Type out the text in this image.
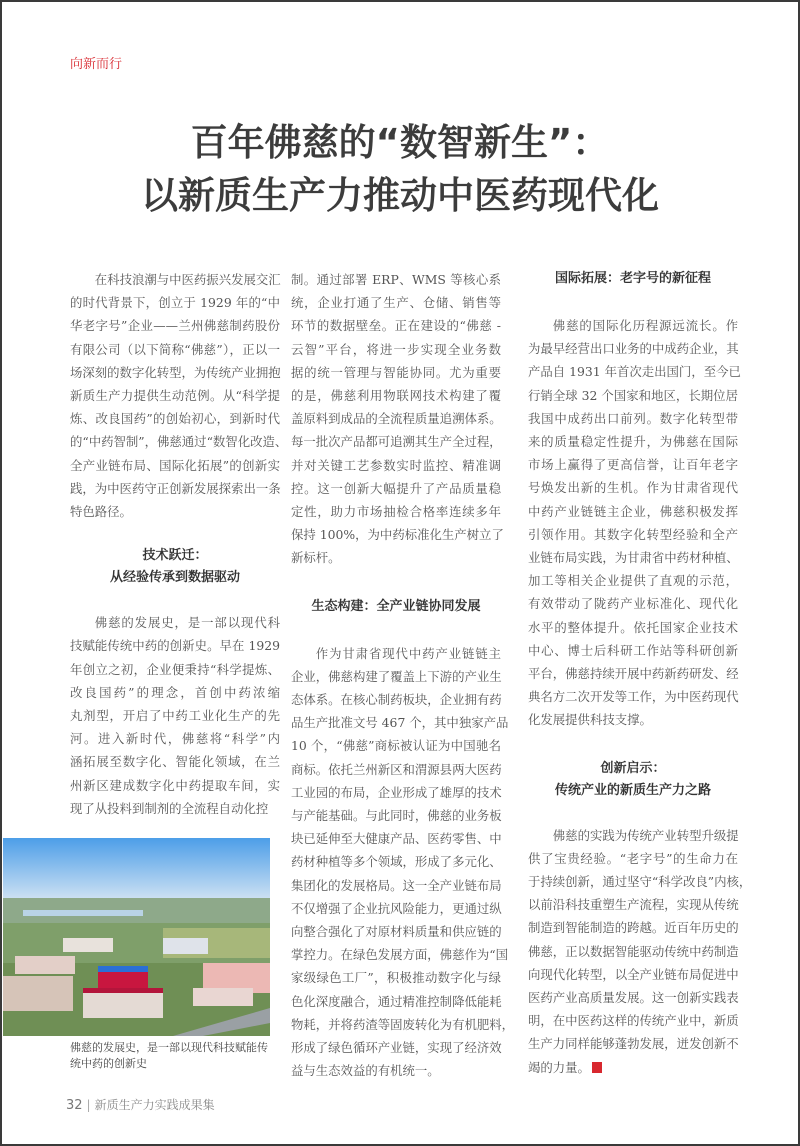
向新而行
百年佛慈的“数智新生”：
以新质生产力推动中医药现代化
在科技浪潮与中医药振兴发展交汇
的时代背景下，创立于 1929 年的“中
华老字号”企业——兰州佛慈制药股份
有限公司（以下简称“佛慈”），正以一
场深刻的数字化转型，为传统产业拥抱
新质生产力提供生动范例。从“科学提
炼、改良国药”的创始初心，到新时代
的“中药智制”，佛慈通过“数智化改造、
全产业链布局、国际化拓展”的创新实
践，为中医药守正创新发展探索出一条
特色路径。
技术跃迁：
从经验传承到数据驱动
佛慈的发展史，是一部以现代科
技赋能传统中药的创新史。早在 1929
年创立之初，企业便秉持“科学提炼、
改良国药”的理念，首创中药浓缩
丸剂型，开启了中药工业化生产的先
河。进入新时代，佛慈将“科学”内
涵拓展至数字化、智能化领域，在兰
州新区建成数字化中药提取车间，实
现了从投料到制剂的全流程自动化控
制。通过部署 ERP、WMS 等核心系
统，企业打通了生产、仓储、销售等
环节的数据壁垒。正在建设的“佛慈 -
云智”平台，将进一步实现全业务数
据的统一管理与智能协同。尤为重要
的是，佛慈利用物联网技术构建了覆
盖原料到成品的全流程质量追溯体系。
每一批次产品都可追溯其生产全过程，
并对关键工艺参数实时监控、精准调
控。这一创新大幅提升了产品质量稳
定性，助力市场抽检合格率连续多年
保持 100%，为中药标准化生产树立了
新标杆。
生态构建：全产业链协同发展
作为甘肃省现代中药产业链链主
企业，佛慈构建了覆盖上下游的产业生
态体系。在核心制药板块，企业拥有药
品生产批准文号 467 个，其中独家产品
10 个，“佛慈”商标被认证为中国驰名
商标。依托兰州新区和渭源县两大医药
工业园的布局，企业形成了雄厚的技术
与产能基础。与此同时，佛慈的业务板
块已延伸至大健康产品、医药零售、中
药材种植等多个领域，形成了多元化、
集团化的发展格局。这一全产业链布局
不仅增强了企业抗风险能力，更通过纵
向整合强化了对原材料质量和供应链的
掌控力。在绿色发展方面，佛慈作为“国
家级绿色工厂”，积极推动数字化与绿
色化深度融合，通过精准控制降低能耗
物耗，并将药渣等固废转化为有机肥料，
形成了绿色循环产业链，实现了经济效
益与生态效益的有机统一。
国际拓展：老字号的新征程
佛慈的国际化历程源远流长。作
为最早经营出口业务的中成药企业，其
产品自 1931 年首次走出国门，至今已
行销全球 32 个国家和地区，长期位居
我国中成药出口前列。数字化转型带
来的质量稳定性提升，为佛慈在国际
市场上赢得了更高信誉，让百年老字
号焕发出新的生机。作为甘肃省现代
中药产业链链主企业，佛慈积极发挥
引领作用。其数字化转型经验和全产
业链布局实践，为甘肃省中药材种植、
加工等相关企业提供了直观的示范，
有效带动了陇药产业标准化、现代化
水平的整体提升。依托国家企业技术
中心、博士后科研工作站等科研创新
平台，佛慈持续开展中药新药研发、经
典名方二次开发等工作，为中医药现代
化发展提供科技支撑。
创新启示：
传统产业的新质生产力之路
佛慈的实践为传统产业转型升级提
供了宝贵经验。“老字号”的生命力在
于持续创新，通过坚守“科学改良”内核，
以前沿科技重塑生产流程，实现从传统
制造到智能制造的跨越。近百年历史的
佛慈，正以数据智能驱动传统中药制造
向现代化转型，以全产业链布局促进中
医药产业高质量发展。这一创新实践表
明，在中医药这样的传统产业中，新质
生产力同样能够蓬勃发展，迸发创新不
竭的力量。
佛慈的发展史，是一部以现代科技赋能传
统中药的创新史
32 | 新质生产力实践成果集
